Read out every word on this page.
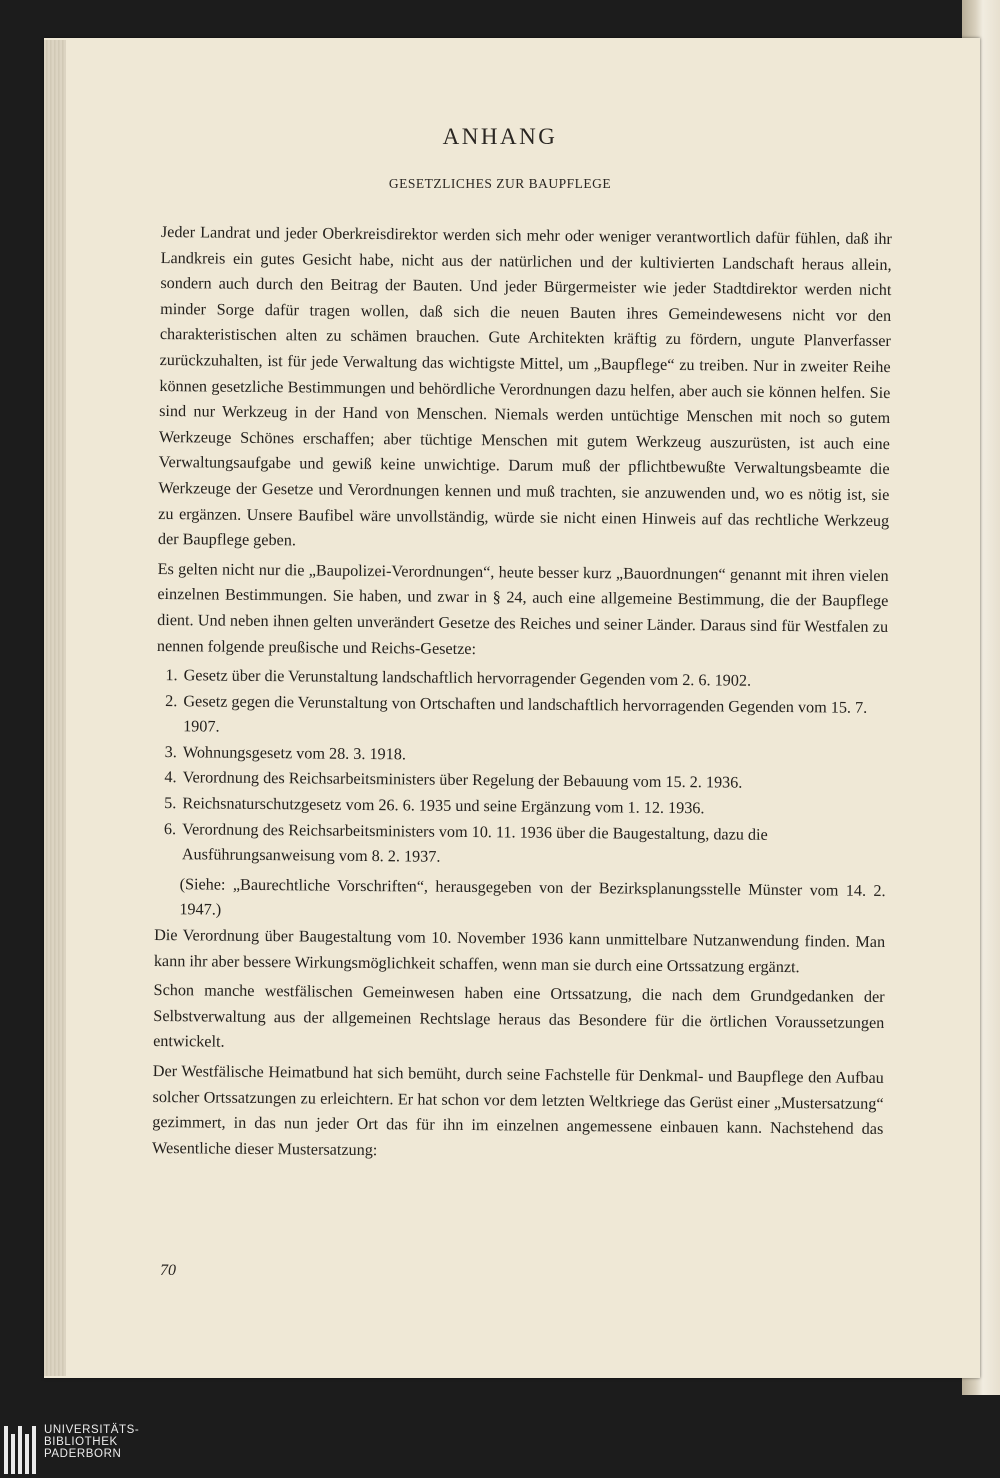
ANHANG
GESETZLICHES ZUR BAUPFLEGE

Jeder Landrat und jeder Oberkreisdirektor werden sich mehr oder weniger verantwortlich dafür fühlen, daß ihr Landkreis ein gutes Gesicht habe, nicht aus der natürlichen und der kultivierten Landschaft heraus allein, sondern auch durch den Beitrag der Bauten. Und jeder Bürgermeister wie jeder Stadtdirektor werden nicht minder Sorge dafür tragen wollen, daß sich die neuen Bauten ihres Gemeindewesens nicht vor den charakteristischen alten zu schämen brauchen. Gute Architekten kräftig zu fördern, ungute Planverfasser zurückzuhalten, ist für jede Verwaltung das wichtigste Mittel, um „Baupflege“ zu treiben. Nur in zweiter Reihe können gesetzliche Bestimmungen und behördliche Verordnungen dazu helfen, aber auch sie können helfen. Sie sind nur Werkzeug in der Hand von Menschen. Niemals werden untüchtige Menschen mit noch so gutem Werkzeuge Schönes erschaffen; aber tüchtige Menschen mit gutem Werkzeug auszurüsten, ist auch eine Verwaltungsaufgabe und gewiß keine unwichtige. Darum muß der pflichtbewußte Verwaltungsbeamte die Werkzeuge der Gesetze und Verordnungen kennen und muß trachten, sie anzuwenden und, wo es nötig ist, sie zu ergänzen. Unsere Baufibel wäre unvollständig, würde sie nicht einen Hinweis auf das rechtliche Werkzeug der Baupflege geben.

Es gelten nicht nur die „Baupolizei-Verordnungen“, heute besser kurz „Bauordnungen“ genannt mit ihren vielen einzelnen Bestimmungen. Sie haben, und zwar in § 24, auch eine allgemeine Bestimmung, die der Baupflege dient. Und neben ihnen gelten unverändert Gesetze des Reiches und seiner Länder. Daraus sind für Westfalen zu nennen folgende preußische und Reichs-Gesetze:

1. Gesetz über die Verunstaltung landschaftlich hervorragender Gegenden vom 2. 6. 1902.
2. Gesetz gegen die Verunstaltung von Ortschaften und landschaftlich hervorragenden Gegenden vom 15. 7. 1907.
3. Wohnungsgesetz vom 28. 3. 1918.
4. Verordnung des Reichsarbeitsministers über Regelung der Bebauung vom 15. 2. 1936.
5. Reichsnaturschutzgesetz vom 26. 6. 1935 und seine Ergänzung vom 1. 12. 1936.
6. Verordnung des Reichsarbeitsministers vom 10. 11. 1936 über die Baugestaltung, dazu die Ausführungsanweisung vom 8. 2. 1937.

(Siehe: „Baurechtliche Vorschriften“, herausgegeben von der Bezirksplanungsstelle Münster vom 14. 2. 1947.)

Die Verordnung über Baugestaltung vom 10. November 1936 kann unmittelbare Nutzanwendung finden. Man kann ihr aber bessere Wirkungsmöglichkeit schaffen, wenn man sie durch eine Ortssatzung ergänzt.

Schon manche westfälischen Gemeinwesen haben eine Ortssatzung, die nach dem Grundgedanken der Selbstverwaltung aus der allgemeinen Rechtslage heraus das Besondere für die örtlichen Voraussetzungen entwickelt.

Der Westfälische Heimatbund hat sich bemüht, durch seine Fachstelle für Denkmal- und Baupflege den Aufbau solcher Ortssatzungen zu erleichtern. Er hat schon vor dem letzten Weltkriege das Gerüst einer „Mustersatzung“ gezimmert, in das nun jeder Ort das für ihn im einzelnen angemessene einbauen kann. Nachstehend das Wesentliche dieser Mustersatzung:

70
UNIVERSITÄTS-
BIBLIOTHEK
PADERBORN
